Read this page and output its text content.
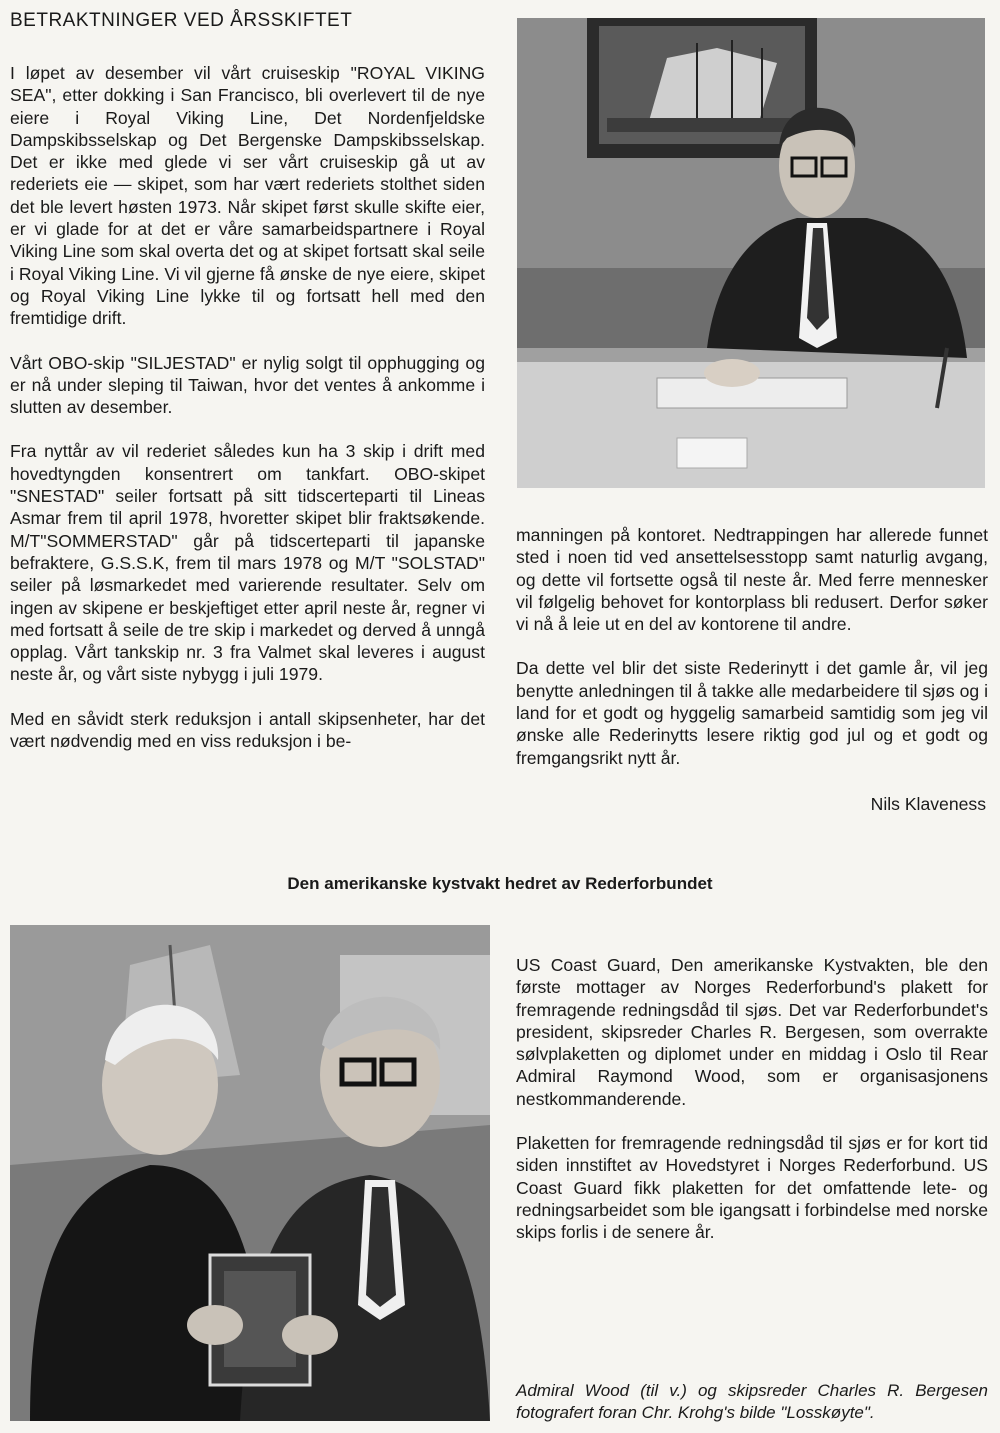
BETRAKTNINGER VED ÅRSSKIFTET

I løpet av desember vil vårt cruiseskip "ROYAL VIKING SEA", etter dokking i San Francisco, bli overlevert til de nye eiere i Royal Viking Line, Det Nordenfjeldske Dampskibsselskap og Det Bergenske Dampskibsselskap. Det er ikke med glede vi ser vårt cruiseskip gå ut av rederiets eie — skipet, som har vært rederiets stolthet siden det ble levert høsten 1973. Når skipet først skulle skifte eier, er vi glade for at det er våre samarbeidspartnere i Royal Viking Line som skal overta det og at skipet fortsatt skal seile i Royal Viking Line. Vi vil gjerne få ønske de nye eiere, skipet og Royal Viking Line lykke til og fortsatt hell med den fremtidige drift.

Vårt OBO-skip "SILJESTAD" er nylig solgt til opphugging og er nå under sleping til Taiwan, hvor det ventes å ankomme i slutten av desember.

Fra nyttår av vil rederiet således kun ha 3 skip i drift med hovedtyngden konsentrert om tankfart. OBO-skipet "SNESTAD" seiler fortsatt på sitt tidscerteparti til Lineas Asmar frem til april 1978, hvoretter skipet blir fraktsøkende. M/T"SOMMERSTAD" går på tidscerteparti til japanske befraktere, G.S.S.K, frem til mars 1978 og M/T "SOLSTAD" seiler på løsmarkedet med varierende resultater. Selv om ingen av skipene er beskjeftiget etter april neste år, regner vi med fortsatt å seile de tre skip i markedet og derved å unngå opplag. Vårt tankskip nr. 3 fra Valmet skal leveres i august neste år, og vårt siste nybygg i juli 1979.

Med en såvidt sterk reduksjon i antall skipsenheter, har det vært nødvendig med en viss reduksjon i be-

manningen på kontoret. Nedtrappingen har allerede funnet sted i noen tid ved ansettelsesstopp samt naturlig avgang, og dette vil fortsette også til neste år. Med ferre mennesker vil følgelig behovet for kontorplass bli redusert. Derfor søker vi nå å leie ut en del av kontorene til andre.

Da dette vel blir det siste Rederinytt i det gamle år, vil jeg benytte anledningen til å takke alle medarbeidere til sjøs og i land for et godt og hyggelig samarbeid samtidig som jeg vil ønske alle Rederinytts lesere riktig god jul og et godt og fremgangsrikt nytt år.

Nils Klaveness
Den amerikanske kystvakt hedret av Rederforbundet

US Coast Guard, Den amerikanske Kystvakten, ble den første mottager av Norges Rederforbund's plakett for fremragende redningsdåd til sjøs. Det var Rederforbundet's president, skipsreder Charles R. Bergesen, som overrakte sølvplaketten og diplomet under en middag i Oslo til Rear Admiral Raymond Wood, som er organisasjonens nestkommanderende.

Plaketten for fremragende redningsdåd til sjøs er for kort tid siden innstiftet av Hovedstyret i Norges Rederforbund. US Coast Guard fikk plaketten for det omfattende lete- og redningsarbeidet som ble igangsatt i forbindelse med norske skips forlis i de senere år.

Admiral Wood (til v.) og skipsreder Charles R. Bergesen fotografert foran Chr. Krohg's bilde "Losskøyte".
